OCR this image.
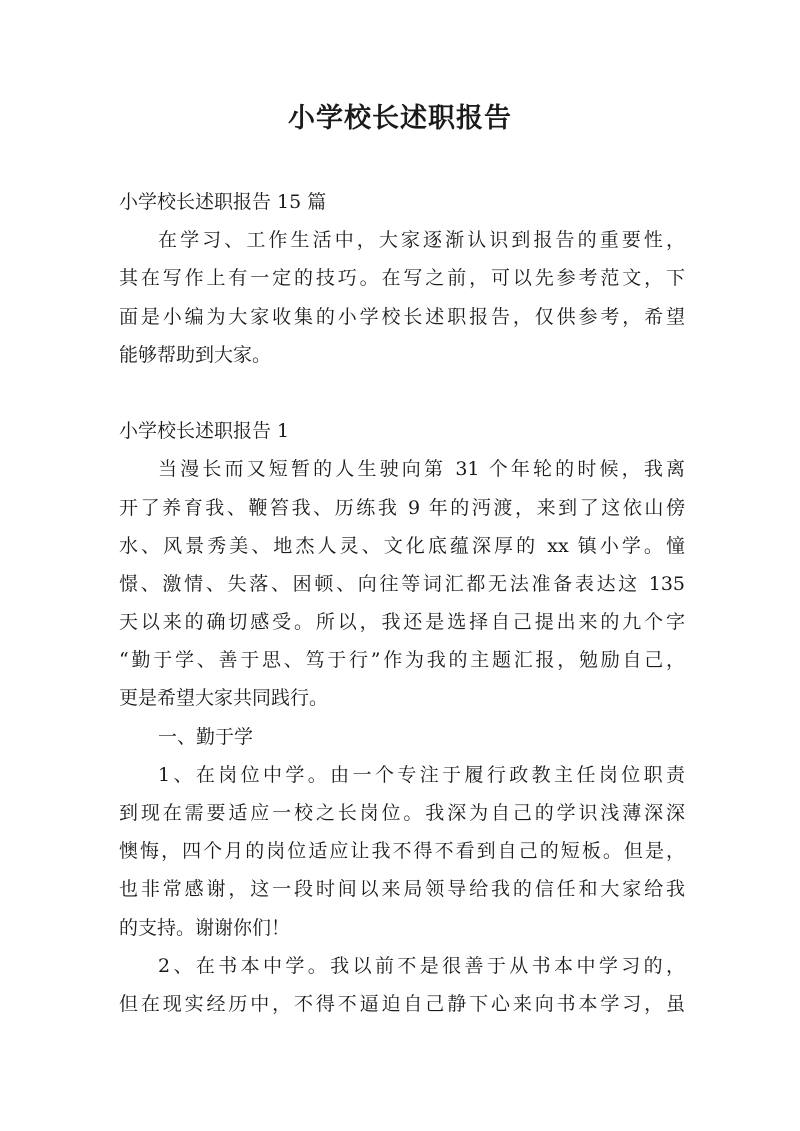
小学校长述职报告
小学校长述职报告 15 篇
在学习、工作生活中，大家逐渐认识到报告的重要性，
其在写作上有一定的技巧。在写之前，可以先参考范文，下
面是小编为大家收集的小学校长述职报告，仅供参考，希望
能够帮助到大家。
小学校长述职报告 1
当漫长而又短暂的人生驶向第 31 个年轮的时候，我离
开了养育我、鞭笞我、历练我 9 年的沔渡，来到了这依山傍
水、风景秀美、地杰人灵、文化底蕴深厚的 xx 镇小学。憧
憬、激情、失落、困顿、向往等词汇都无法准备表达这 135
天以来的确切感受。所以，我还是选择自己提出来的九个字
“勤于学、善于思、笃于行”作为我的主题汇报，勉励自己，
更是希望大家共同践行。
一、勤于学
1、在岗位中学。由一个专注于履行政教主任岗位职责
到现在需要适应一校之长岗位。我深为自己的学识浅薄深深
懊悔，四个月的岗位适应让我不得不看到自己的短板。但是，
也非常感谢，这一段时间以来局领导给我的信任和大家给我
的支持。谢谢你们！
2、在书本中学。我以前不是很善于从书本中学习的，
但在现实经历中，不得不逼迫自己静下心来向书本学习，虽
